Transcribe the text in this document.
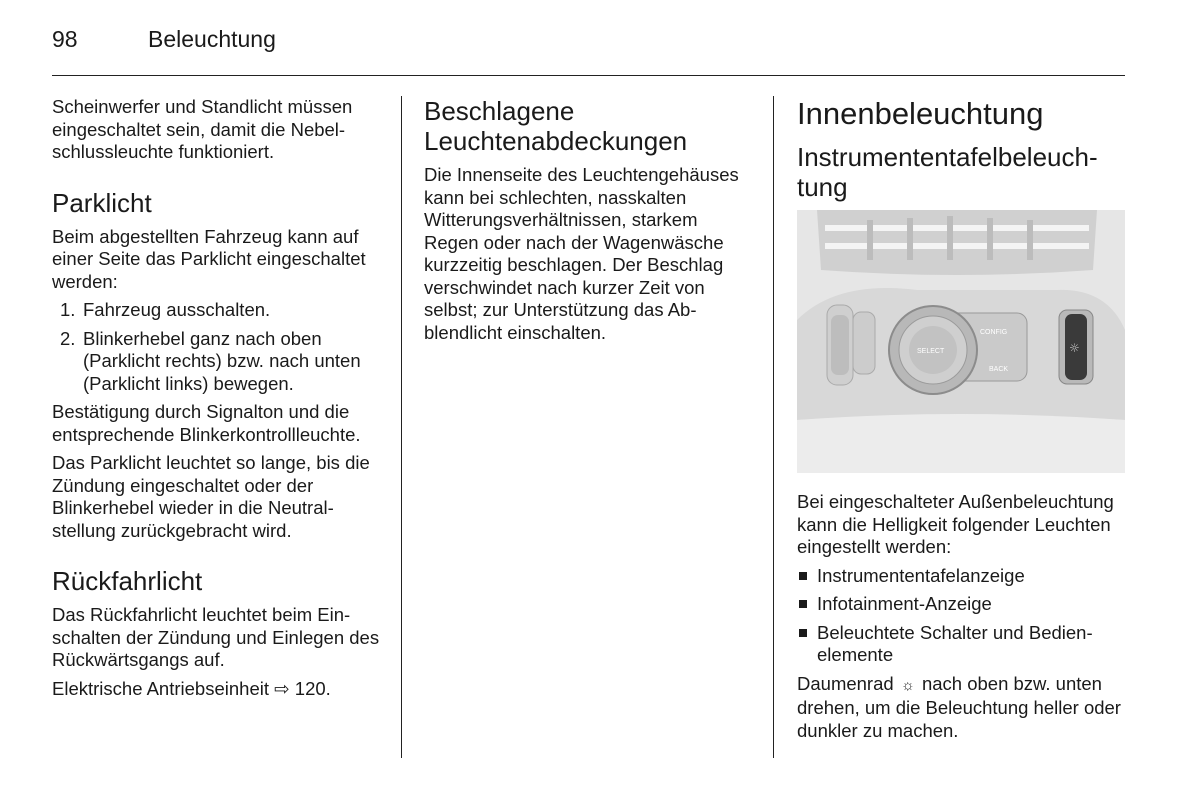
98	Beleuchtung

Scheinwerfer und Standlicht müssen eingeschaltet sein, damit die Nebelschlussleuchte funktioniert.

Parklicht

Beim abgestellten Fahrzeug kann auf einer Seite das Parklicht eingeschaltet werden:

1. Fahrzeug ausschalten.
2. Blinkerhebel ganz nach oben (Parklicht rechts) bzw. nach unten (Parklicht links) bewegen.

Bestätigung durch Signalton und die entsprechende Blinkerkontrollleuchte.

Das Parklicht leuchtet so lange, bis die Zündung eingeschaltet oder der Blinkerhebel wieder in die Neutralstellung zurückgebracht wird.

Rückfahrlicht

Das Rückfahrlicht leuchtet beim Einschalten der Zündung und Einlegen des Rückwärtsgangs auf.

Elektrische Antriebseinheit ⇨ 120.

Beschlagene Leuchtenabdeckungen

Die Innenseite des Leuchtengehäuses kann bei schlechten, nasskalten Witterungsverhältnissen, starkem Regen oder nach der Wagenwäsche kurzzeitig beschlagen. Der Beschlag verschwindet nach kurzer Zeit von selbst; zur Unterstützung das Abblendlicht einschalten.

Innenbeleuchtung
Instrumententafelbeleuchtung
CONFIG
BACK
SELECT	☼

Bei eingeschalteter Außenbeleuchtung kann die Helligkeit folgender Leuchten eingestellt werden:

Instrumententafelanzeige
Infotainment-Anzeige
Beleuchtete Schalter und Bedienelemente

Daumenrad ☼ nach oben bzw. unten drehen, um die Beleuchtung heller oder dunkler zu machen.
